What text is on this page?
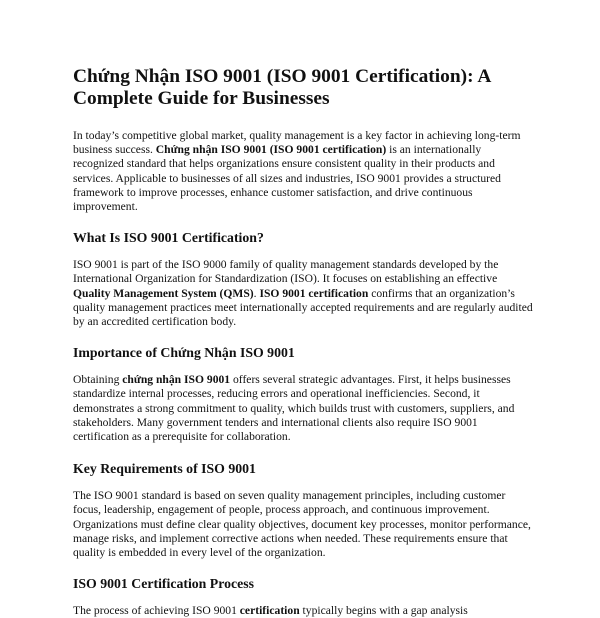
Chứng Nhận ISO 9001 (ISO 9001 Certification): A Complete Guide for Businesses

In today’s competitive global market, quality management is a key factor in achieving long-term business success. Chứng nhận ISO 9001 (ISO 9001 certification) is an internationally recognized standard that helps organizations ensure consistent quality in their products and services. Applicable to businesses of all sizes and industries, ISO 9001 provides a structured framework to improve processes, enhance customer satisfaction, and drive continuous improvement.

What Is ISO 9001 Certification?

ISO 9001 is part of the ISO 9000 family of quality management standards developed by the International Organization for Standardization (ISO). It focuses on establishing an effective Quality Management System (QMS). ISO 9001 certification confirms that an organization’s quality management practices meet internationally accepted requirements and are regularly audited by an accredited certification body.

Importance of Chứng Nhận ISO 9001

Obtaining chứng nhận ISO 9001 offers several strategic advantages. First, it helps businesses standardize internal processes, reducing errors and operational inefficiencies. Second, it demonstrates a strong commitment to quality, which builds trust with customers, suppliers, and stakeholders. Many government tenders and international clients also require ISO 9001 certification as a prerequisite for collaboration.

Key Requirements of ISO 9001

The ISO 9001 standard is based on seven quality management principles, including customer focus, leadership, engagement of people, process approach, and continuous improvement. Organizations must define clear quality objectives, document key processes, monitor performance, manage risks, and implement corrective actions when needed. These requirements ensure that quality is embedded in every level of the organization.

ISO 9001 Certification Process

The process of achieving ISO 9001 certification typically begins with a gap analysis
